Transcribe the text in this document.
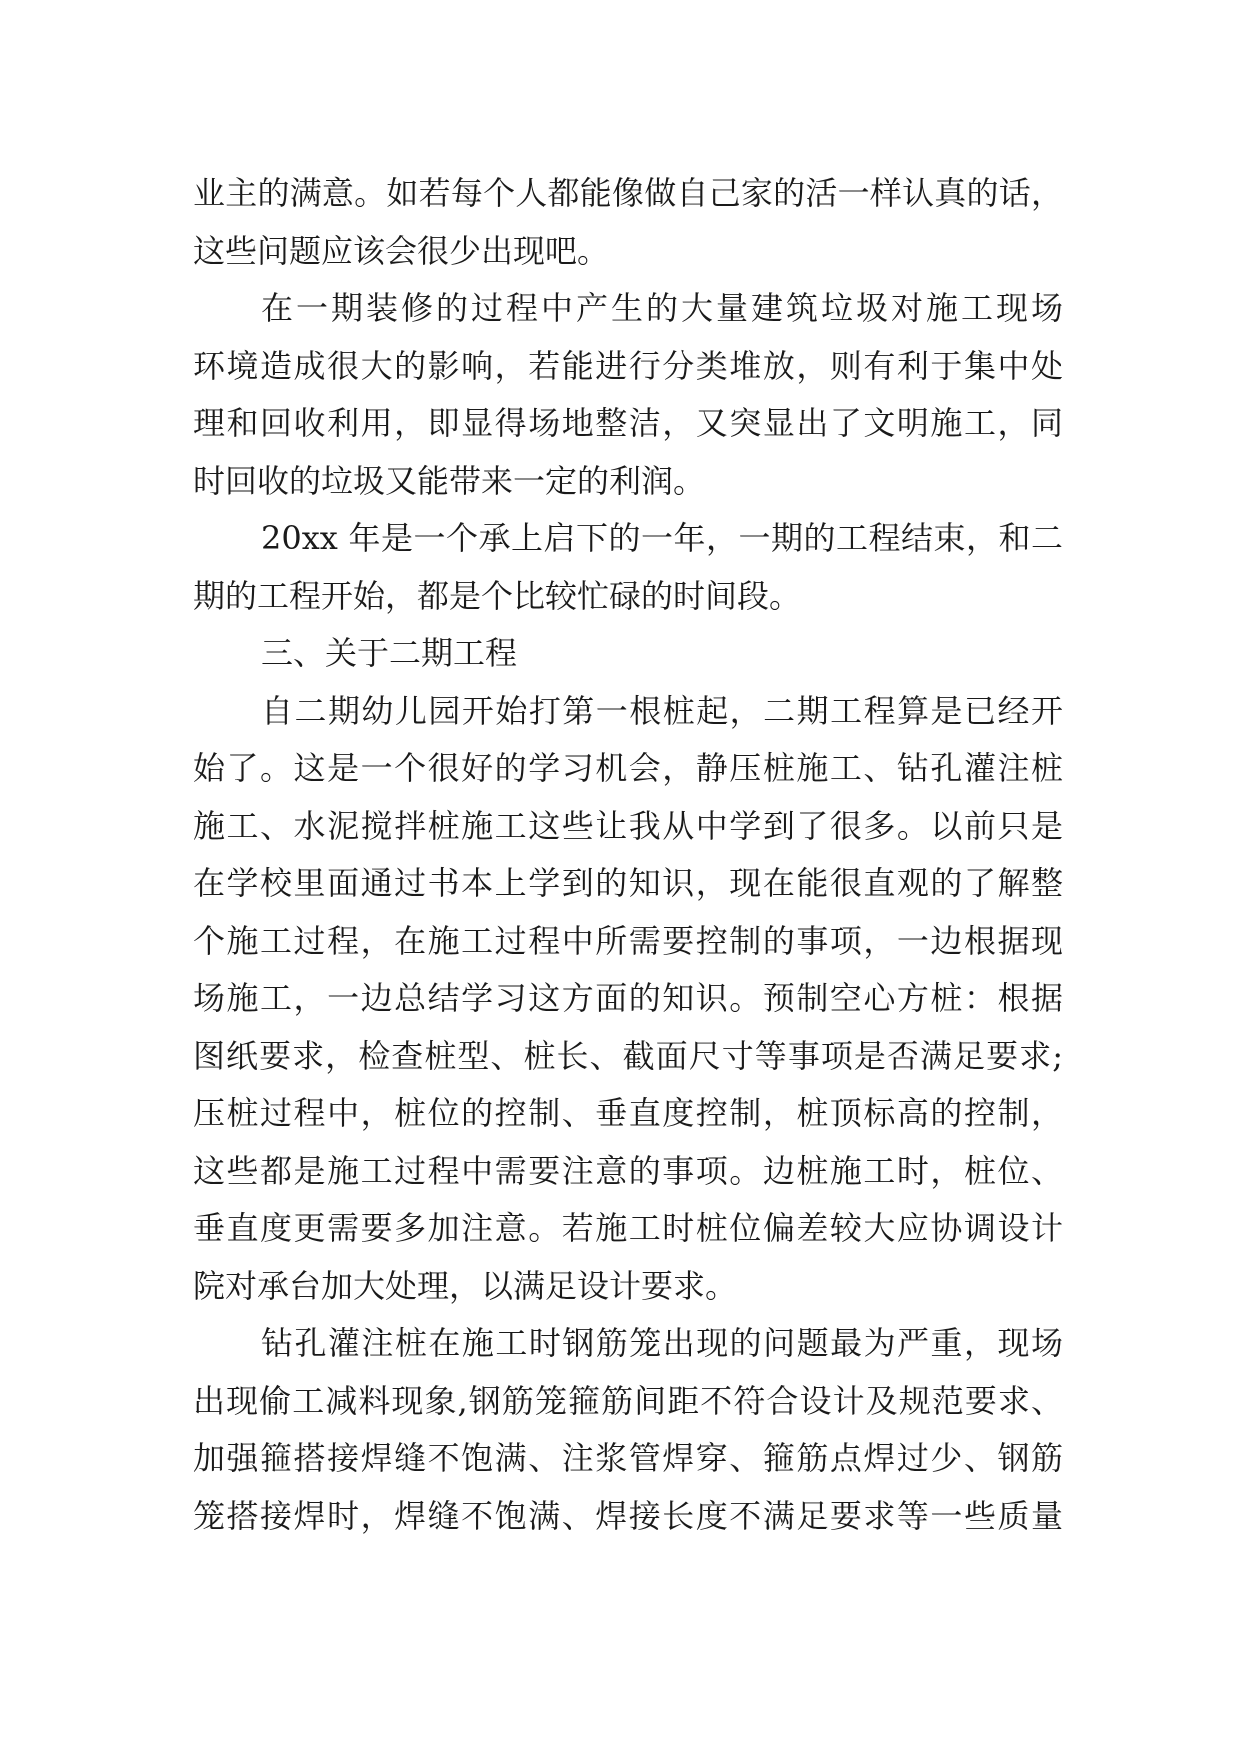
业主的满意。如若每个人都能像做自己家的活一样认真的话，
这些问题应该会很少出现吧。
在一期装修的过程中产生的大量建筑垃圾对施工现场
环境造成很大的影响，若能进行分类堆放，则有利于集中处
理和回收利用，即显得场地整洁，又突显出了文明施工，同
时回收的垃圾又能带来一定的利润。
20xx 年是一个承上启下的一年，一期的工程结束，和二
期的工程开始，都是个比较忙碌的时间段。
三、关于二期工程
自二期幼儿园开始打第一根桩起，二期工程算是已经开
始了。这是一个很好的学习机会，静压桩施工、钻孔灌注桩
施工、水泥搅拌桩施工这些让我从中学到了很多。以前只是
在学校里面通过书本上学到的知识，现在能很直观的了解整
个施工过程，在施工过程中所需要控制的事项，一边根据现
场施工，一边总结学习这方面的知识。预制空心方桩：根据
图纸要求，检查桩型、桩长、截面尺寸等事项是否满足要求;
压桩过程中，桩位的控制、垂直度控制，桩顶标高的控制，
这些都是施工过程中需要注意的事项。边桩施工时，桩位、
垂直度更需要多加注意。若施工时桩位偏差较大应协调设计
院对承台加大处理，以满足设计要求。
钻孔灌注桩在施工时钢筋笼出现的问题最为严重，现场
出现偷工减料现象,钢筋笼箍筋间距不符合设计及规范要求、
加强箍搭接焊缝不饱满、注浆管焊穿、箍筋点焊过少、钢筋
笼搭接焊时，焊缝不饱满、焊接长度不满足要求等一些质量
